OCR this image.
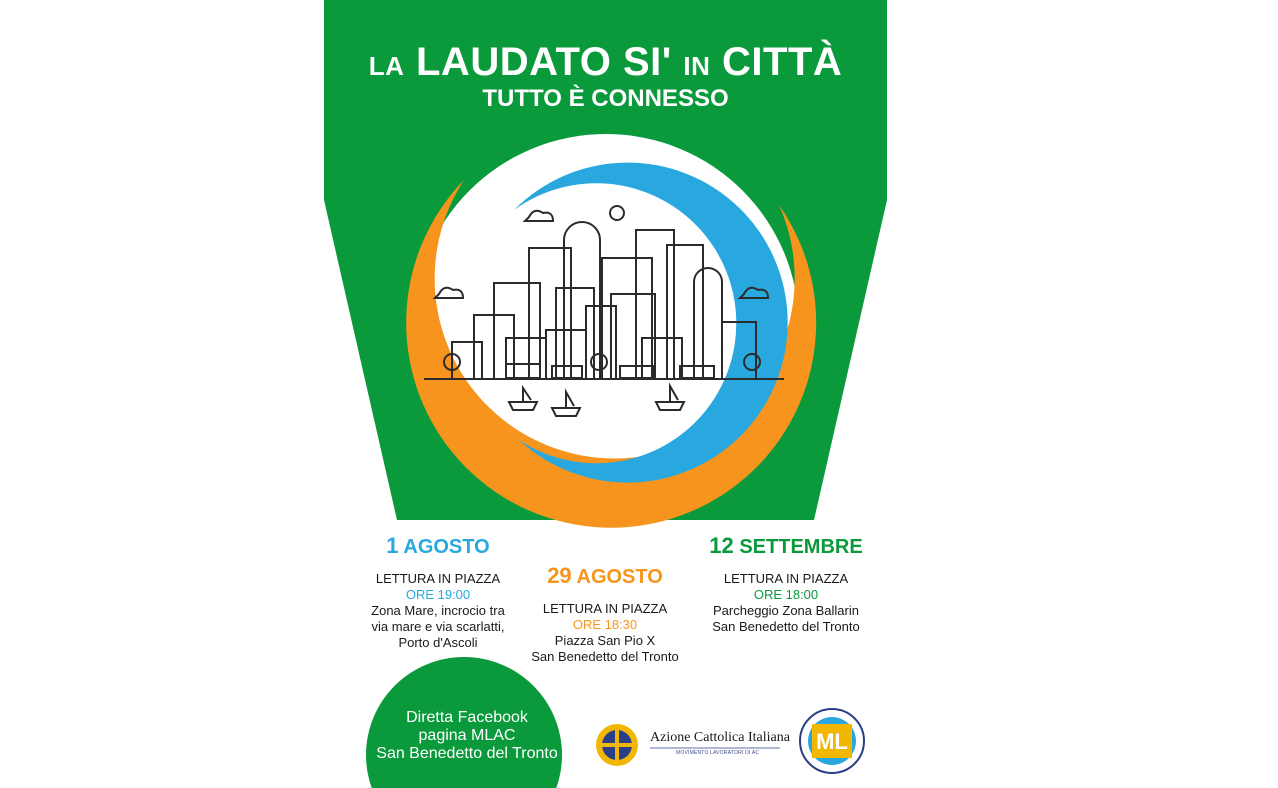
ML
LA LAUDATO SI' IN CITTÀ
TUTTO È CONNESSO
1 AGOSTO
LETTURA IN PIAZZA
ORE 19:00
Zona Mare, incrocio tra
via mare e via scarlatti,
Porto d'Ascoli
29 AGOSTO
LETTURA IN PIAZZA
ORE 18:30
Piazza San Pio X
San Benedetto del Tronto
12 SETTEMBRE
LETTURA IN PIAZZA
ORE 18:00
Parcheggio Zona Ballarin
San Benedetto del Tronto
Diretta Facebook
pagina MLAC
San Benedetto del Tronto
Azione Cattolica Italiana
MOVIMENTO LAVORATORI DI AC
